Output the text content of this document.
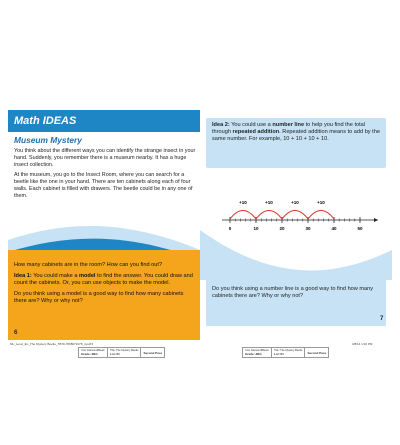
Math IDEAS
Museum Mystery

You think about the different ways you can identify the strange insect in your hand. Suddenly, you remember there is a museum nearby. It has a huge insect collection.

At the museum, you go to the Insect Room, where you can search for a beetle like the one in your hand. There are ten cabinets along each of four walls. Each cabinet is filled with drawers. The beetle could be in any one of them.

How many cabinets are in the room? How can you find out?

Idea 1: You could make a model to find the answer. You could draw and count the cabinets. Or, you can use objects to make the model.

Do you think using a model is a good way to find how many cabinets there are? Why or why not?

6
Idea 2: You could use a number line to help you find the total through repeated addition. Repeated addition means to add by the same number. For example, 10 + 10 + 10 + 10.
0	10	20	30	40	50
+10	+10	+10	+10
Do you think using a number line is a good way to find how many cabinets there are? Why or why not?
7
ML_Level_EL_The Mystery Beetle_TB79-7808079178_4.pdf 6	3/8/14 1:30 PM
Unit: Diamond/Beam
Grade: 3BG
Title: The Mystery Beetle
Lot: 61	Second Pass	Unit: Diamond/Beam
Grade: 3BG
Title: The Mystery Beetle
Lot: 61	Second Pass
